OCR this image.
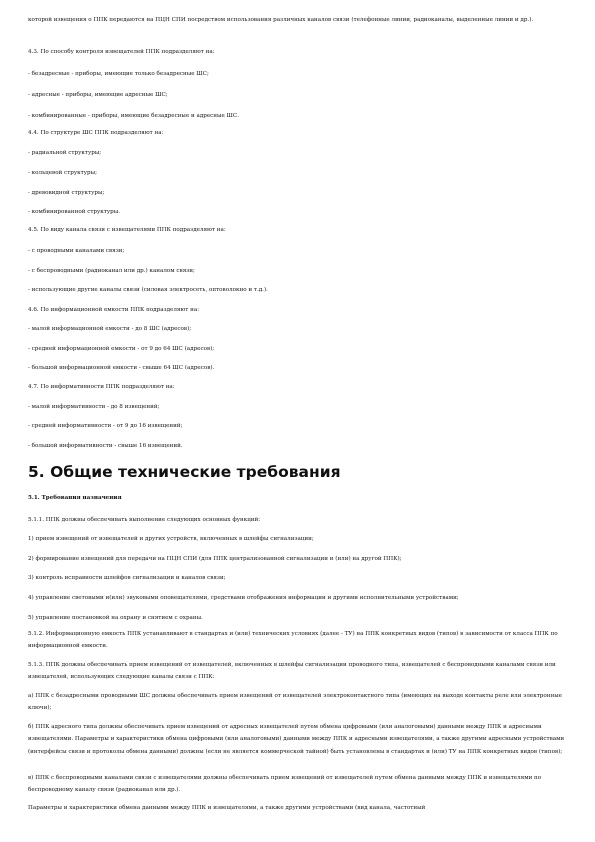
которой извещения о ППК передаются на ПЦН СПИ посредством использования различных каналов связи (телефонные линии, радиоканалы, выделенные линии и др.).
4.3. По способу контроля извещателей ППК подразделяют на:
- безадресные - приборы, имеющие только безадресные ШС;
- адресные - приборы, имеющие адресные ШС;
- комбинированные - приборы, имеющие безадресные и адресные ШС.
4.4. По структуре ШС ППК подразделяют на:
- радиальной структуры;
- кольцевой структуры;
- древовидной структуры;
- комбинированной структуры.
4.5. По виду канала связи с извещателями ППК подразделяют на:
- с проводными каналами связи;
- с беспроводными (радиоканал или др.) каналом связи;
- использующие другие каналы связи (силовая электросеть, оптоволокно и т.д.).
4.6. По информационной емкости ППК подразделяют на:
- малой информационной емкости - до 8 ШС (адресов);
- средней информационной емкости - от 9 до 64 ШС (адресов);
- большой информационной емкости - свыше 64 ШС (адресов).
4.7. По информативности ППК подразделяют на:
- малой информативности - до 8 извещений;
- средней информативности - от 9 до 16 извещений;
- большой информативности - свыше 16 извещений.
5. Общие технические требования
5.1. Требования назначения
5.1.1. ППК должны обеспечивать выполнение следующих основных функций:
1) прием извещений от извещателей и других устройств, включенных в шлейфы сигнализации;
2) формирование извещений для передачи на ПЦН СПИ (для ППК централизованной сигнализации и (или) на другой ППК);
3) контроль исправности шлейфов сигнализации и каналов связи;
4) управление световыми и(или) звуковыми оповещателями, средствами отображения информации и другими исполнительными устройствами;
5) управление постановкой на охрану и снятием с охраны.
5.1.2. Информационную емкость ППК устанавливают в стандартах и (или) технических условиях (далее - ТУ) на ППК конкретных видов (типов) в зависимости от класса ППК по информационной емкости.
5.1.3. ППК должны обеспечивать прием извещений от извещателей, включенных в шлейфы сигнализации проводного типа, извещателей с беспроводными каналами связи или извещателей, использующих следующие каналы связи с ППК:
а) ППК с безадресными проводными ШС должны обеспечивать прием извещений от извещателей электроконтактного типа (имеющих на выходе контакты реле или электронные ключи);
б) ППК адресного типа должны обеспечивать прием извещений от адресных извещателей путем обмена цифровыми (или аналоговыми) данными между ППК и адресными извещателями. Параметры и характеристики обмена цифровыми (или аналоговыми) данными между ППК и адресными извещателями, а также другими адресными устройствами (интерфейсы связи и протоколы обмена данными) должны (если не является коммерческой тайной) быть установлены в стандартах и (или) ТУ на ППК конкретных видов (типов);
в) ППК с беспроводными каналами связи с извещателями должны обеспечивать прием извещений от извещателей путем обмена данными между ППК и извещателями по беспроводному каналу связи (радиоканал или др.).
Параметры и характеристики обмена данными между ППК и извещателями, а также другими устройствами (вид канала, частотный
